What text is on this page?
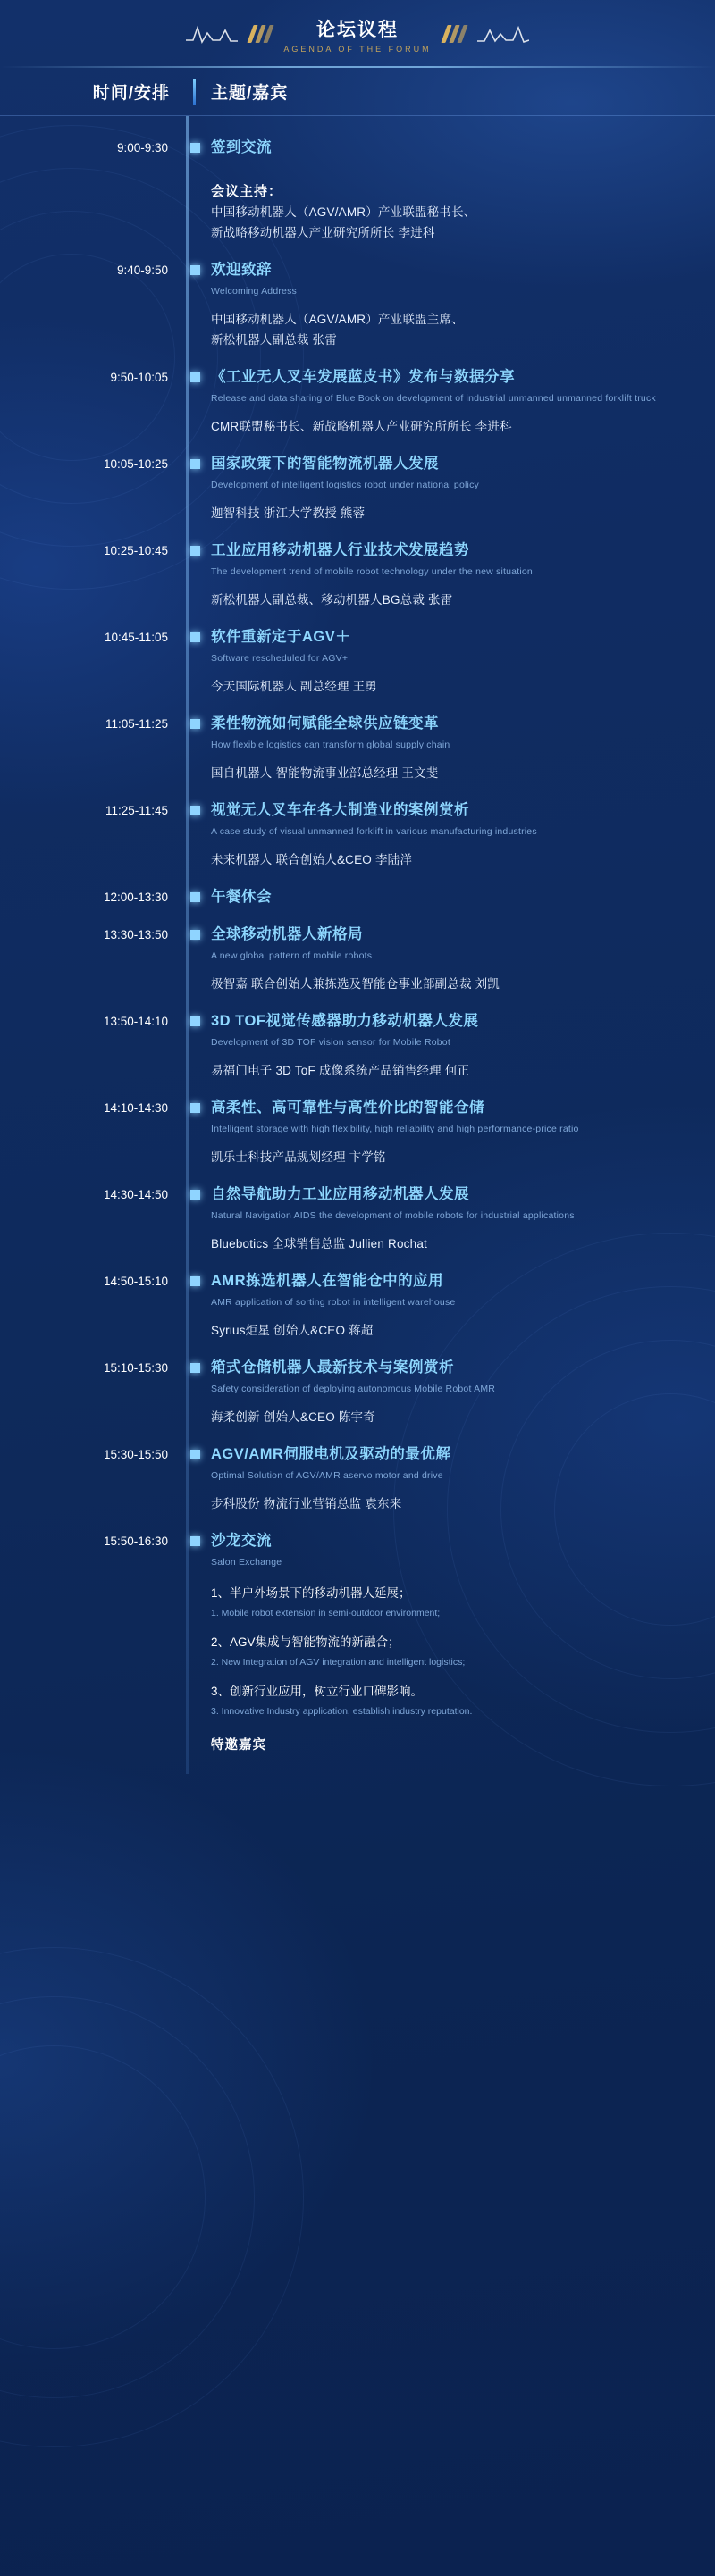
论坛议程
AGENDA OF THE FORUM
时间/安排	主题/嘉宾
9:00-9:30	签到交流
会议主持：
中国移动机器人（AGV/AMR）产业联盟秘书长、
新战略移动机器人产业研究所所长 李进科
9:40-9:50	欢迎致辞
Welcoming Address
中国移动机器人（AGV/AMR）产业联盟主席、
新松机器人副总裁 张雷
9:50-10:05	《工业无人叉车发展蓝皮书》发布与数据分享
Release and data sharing of Blue Book on development of industrial unmanned unmanned forklift truck
CMR联盟秘书长、新战略机器人产业研究所所长 李进科
10:05-10:25	国家政策下的智能物流机器人发展
Development of intelligent logistics robot under national policy
迦智科技 浙江大学教授 熊蓉
10:25-10:45	工业应用移动机器人行业技术发展趋势
The development trend of mobile robot technology under the new situation
新松机器人副总裁、移动机器人BG总裁 张雷
10:45-11:05	软件重新定于AGV＋
Software rescheduled for AGV+
今天国际机器人 副总经理 王勇
11:05-11:25	柔性物流如何赋能全球供应链变革
How flexible logistics can transform global supply chain
国自机器人 智能物流事业部总经理 王文斐
11:25-11:45	视觉无人叉车在各大制造业的案例赏析
A case study of visual unmanned forklift in various manufacturing industries
未来机器人 联合创始人&CEO 李陆洋
12:00-13:30	午餐休会
13:30-13:50	全球移动机器人新格局
A new global pattern of mobile robots
极智嘉 联合创始人兼拣选及智能仓事业部副总裁 刘凯
13:50-14:10	3D TOF视觉传感器助力移动机器人发展
Development of 3D TOF vision sensor for Mobile Robot
易福门电子 3D ToF 成像系统产品销售经理 何正
14:10-14:30	高柔性、高可靠性与高性价比的智能仓储
Intelligent storage with high flexibility, high reliability and high performance-price ratio
凯乐士科技产品规划经理 卞学铭
14:30-14:50	自然导航助力工业应用移动机器人发展
Natural Navigation AIDS the development of mobile robots for industrial applications
Bluebotics 全球销售总监 Jullien Rochat
14:50-15:10	AMR拣选机器人在智能仓中的应用
AMR application of sorting robot in intelligent warehouse
Syrius炬星 创始人&CEO 蒋超
15:10-15:30	箱式仓储机器人最新技术与案例赏析
Safety consideration of deploying autonomous Mobile Robot AMR
海柔创新 创始人&CEO 陈宇奇
15:30-15:50	AGV/AMR伺服电机及驱动的最优解
Optimal Solution of AGV/AMR aservo motor and drive
步科股份 物流行业营销总监 袁东来
15:50-16:30	沙龙交流
Salon Exchange
1、半户外场景下的移动机器人延展；
1. Mobile robot extension in semi-outdoor environment;
2、AGV集成与智能物流的新融合；
2. New Integration of AGV integration and intelligent logistics;
3、创新行业应用，树立行业口碑影响。
3. Innovative Industry application, establish industry reputation.
特邀嘉宾
